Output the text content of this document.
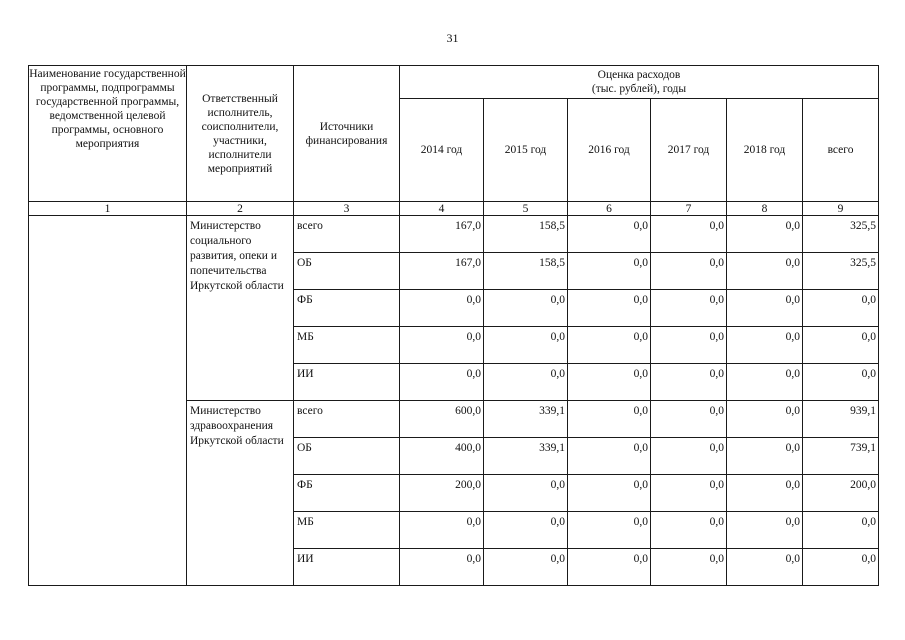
31
Наименование государственной программы, подпрограммы государственной программы, ведомственной целевой программы, основного мероприятия	Ответственный исполнитель, соисполнители, участники, исполнители мероприятий	Источники финансирования	Оценка расходов
(тыс. рублей), годы					

			2014 год	2015 год	2016 год	2017 год	2018 год	всего
1	2	3	4	5	6	7	8	9
	Министерство социального развития, опеки и попечительства Иркутской области	всего	167,0	158,5	0,0	0,0	0,0	325,5
		ОБ	167,0	158,5	0,0	0,0	0,0	325,5
		ФБ	0,0	0,0	0,0	0,0	0,0	0,0
		МБ	0,0	0,0	0,0	0,0	0,0	0,0
		ИИ	0,0	0,0	0,0	0,0	0,0	0,0
	Министерство здравоохранения Иркутской области	всего	600,0	339,1	0,0	0,0	0,0	939,1
		ОБ	400,0	339,1	0,0	0,0	0,0	739,1
		ФБ	200,0	0,0	0,0	0,0	0,0	200,0
		МБ	0,0	0,0	0,0	0,0	0,0	0,0
		ИИ	0,0	0,0	0,0	0,0	0,0	0,0
